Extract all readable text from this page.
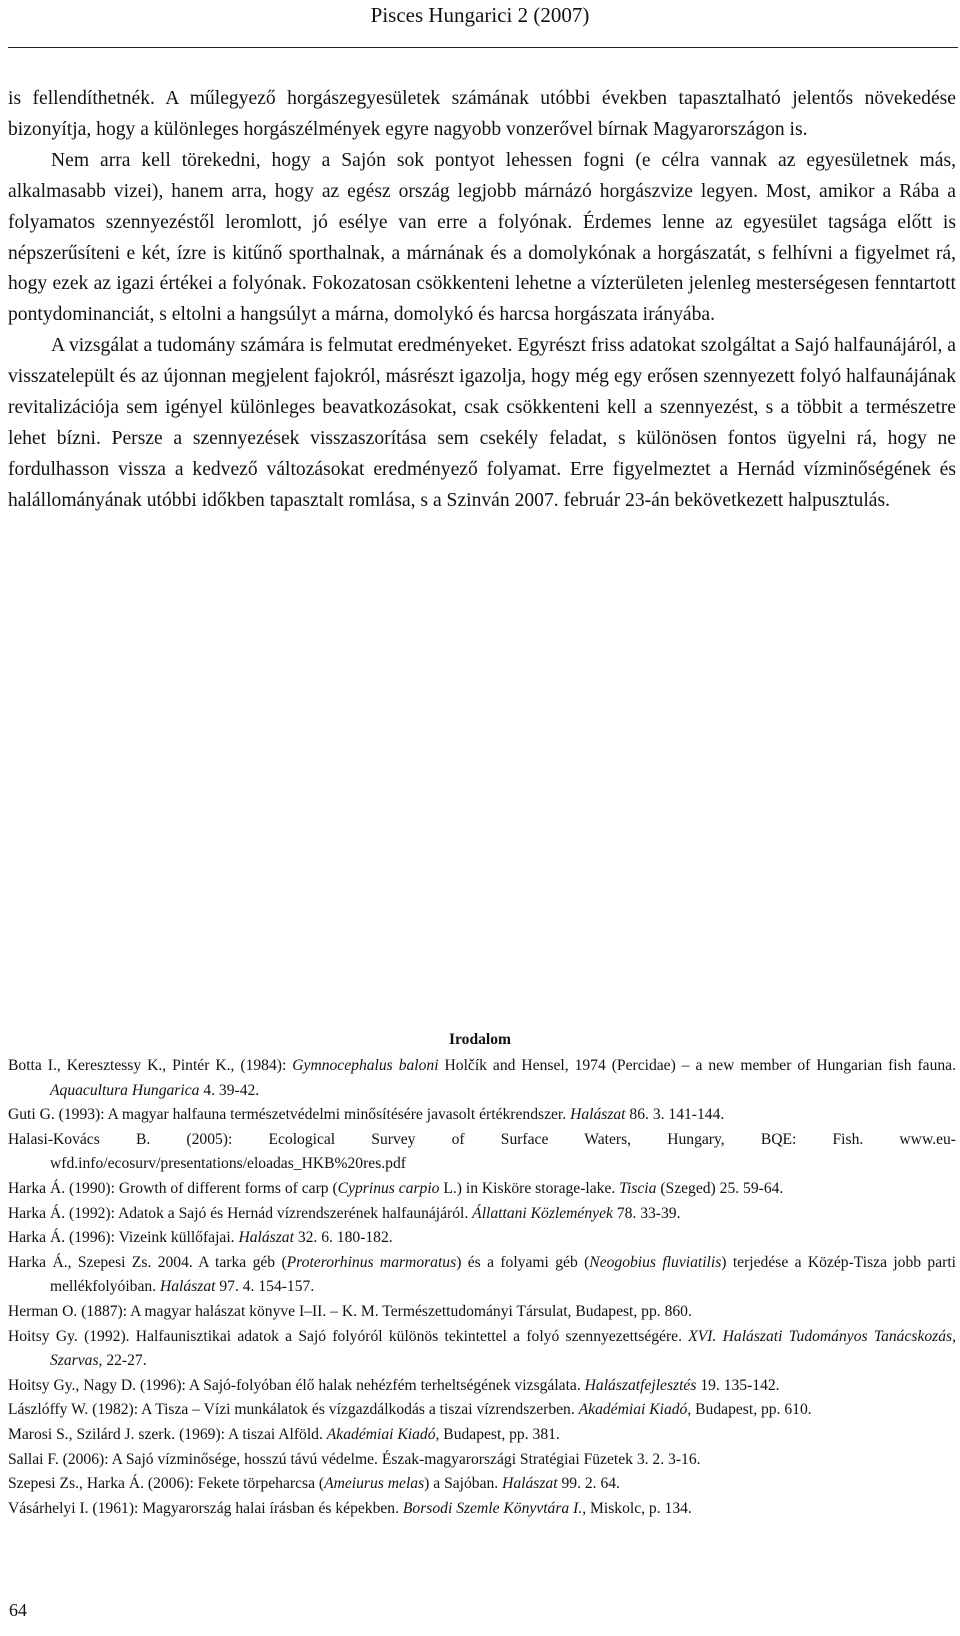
Pisces Hungarici 2 (2007)

is fellendíthetnék. A műlegyező horgászegyesületek számának utóbbi években tapasztalható jelentős növekedése bizonyítja, hogy a különleges horgászélmények egyre nagyobb vonzerővel bírnak Magyarországon is.

Nem arra kell törekedni, hogy a Sajón sok pontyot lehessen fogni (e célra vannak az egyesületnek más, alkalmasabb vizei), hanem arra, hogy az egész ország legjobb márnázó horgászvize legyen. Most, amikor a Rába a folyamatos szennyezéstől leromlott, jó esélye van erre a folyónak. Érdemes lenne az egyesület tagsága előtt is népszerűsíteni e két, ízre is kitűnő sporthalnak, a márnának és a domolykónak a horgászatát, s felhívni a figyelmet rá, hogy ezek az igazi értékei a folyónak. Fokozatosan csökkenteni lehetne a vízterületen jelenleg mesterségesen fenntartott pontydominanciát, s eltolni a hangsúlyt a márna, domolykó és harcsa horgászata irányába.

A vizsgálat a tudomány számára is felmutat eredményeket. Egyrészt friss adatokat szolgáltat a Sajó halfaunájáról, a visszatelepült és az újonnan megjelent fajokról, másrészt igazolja, hogy még egy erősen szennyezett folyó halfaunájának revitalizációja sem igényel különleges beavatkozásokat, csak csökkenteni kell a szennyezést, s a többit a természetre lehet bízni. Persze a szennyezések visszaszorítása sem csekély feladat, s különösen fontos ügyelni rá, hogy ne fordulhasson vissza a kedvező változásokat eredményező folyamat. Erre figyelmeztet a Hernád vízminőségének és halállományának utóbbi időkben tapasztalt romlása, s a Szinván 2007. február 23-án bekövetkezett halpusztulás.

Irodalom

Botta I., Keresztessy K., Pintér K., (1984): Gymnocephalus baloni Holčík and Hensel, 1974 (Percidae) – a new member of Hungarian fish fauna. Aquacultura Hungarica 4. 39-42.

Guti G. (1993): A magyar halfauna természetvédelmi minősítésére javasolt értékrendszer. Halászat 86. 3. 141-144.

Halasi-Kovács B. (2005): Ecological Survey of Surface Waters, Hungary, BQE: Fish. www.eu-wfd.info/ecosurv/presentations/eloadas_HKB%20res.pdf

Harka Á. (1990): Growth of different forms of carp (Cyprinus carpio L.) in Kisköre storage-lake. Tiscia (Szeged) 25. 59-64.

Harka Á. (1992): Adatok a Sajó és Hernád vízrendszerének halfaunájáról. Állattani Közlemények 78. 33-39.

Harka Á. (1996): Vizeink küllőfajai. Halászat 32. 6. 180-182.

Harka Á., Szepesi Zs. 2004. A tarka géb (Proterorhinus marmoratus) és a folyami géb (Neogobius fluviatilis) terjedése a Közép-Tisza jobb parti mellékfolyóiban. Halászat 97. 4. 154-157.

Herman O. (1887): A magyar halászat könyve I–II. – K. M. Természettudományi Társulat, Budapest, pp. 860.

Hoitsy Gy. (1992). Halfaunisztikai adatok a Sajó folyóról különös tekintettel a folyó szennyezettségére. XVI. Halászati Tudományos Tanácskozás, Szarvas, 22-27.

Hoitsy Gy., Nagy D. (1996): A Sajó-folyóban élő halak nehézfém terheltségének vizsgálata. Halászatfejlesztés 19. 135-142.

Lászlóffy W. (1982): A Tisza – Vízi munkálatok és vízgazdálkodás a tiszai vízrendszerben. Akadémiai Kiadó, Budapest, pp. 610.

Marosi S., Szilárd J. szerk. (1969): A tiszai Alföld. Akadémiai Kiadó, Budapest, pp. 381.

Sallai F. (2006): A Sajó vízminősége, hosszú távú védelme. Észak-magyarországi Stratégiai Füzetek 3. 2. 3-16.

Szepesi Zs., Harka Á. (2006): Fekete törpeharcsa (Ameiurus melas) a Sajóban. Halászat 99. 2. 64.

Vásárhelyi I. (1961): Magyarország halai írásban és képekben. Borsodi Szemle Könyvtára I., Miskolc, p. 134.

64
